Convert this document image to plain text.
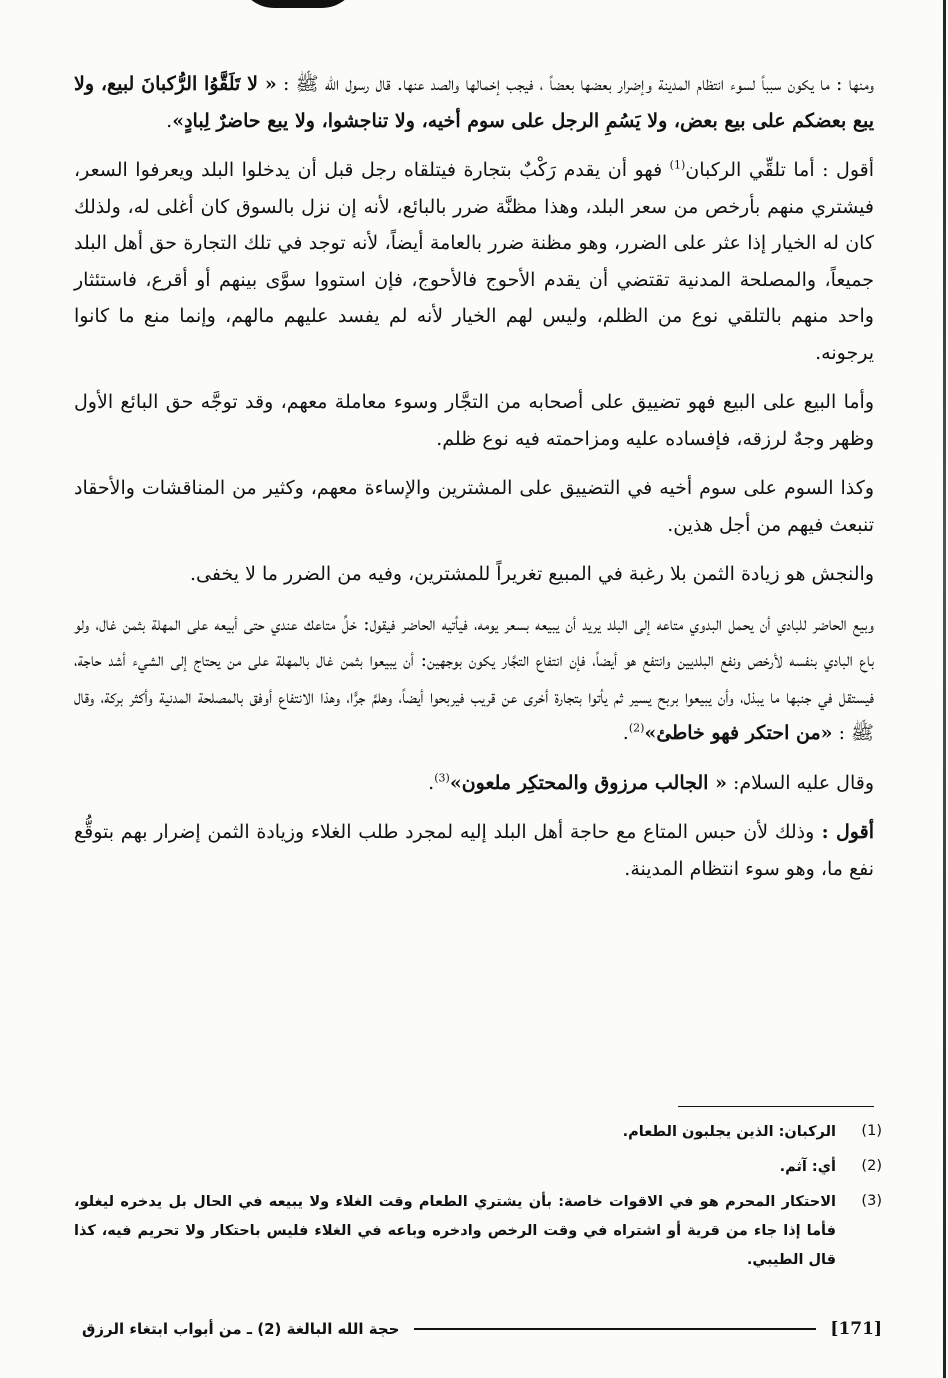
ومنها : ما يكون سبباً لسوء انتظام المدينة وإضرار بعضها بعضاً ، فيجب إخمالها والصد عنها. قال رسول الله ﷺ : « لا تَلَقَّوُا الرُّكبانَ لبيع، ولا يبع بعضكم على بيع بعض، ولا يَسُمِ الرجل على سوم أخيه، ولا تناجشوا، ولا يبع حاضرٌ لِبادٍ».

أقول : أما تلقِّي الركبان$^{(1)}$ فهو أن يقدم رَكْبٌ بتجارة فيتلقاه رجل قبل أن يدخلوا البلد ويعرفوا السعر، فيشتري منهم بأرخص من سعر البلد، وهذا مظنَّة ضرر بالبائع، لأنه إن نزل بالسوق كان أغلى له، ولذلك كان له الخيار إذا عثر على الضرر، وهو مظنة ضرر بالعامة أيضاً، لأنه توجد في تلك التجارة حق أهل البلد جميعاً، والمصلحة المدنية تقتضي أن يقدم الأحوج فالأحوج، فإن استووا سوَّى بينهم أو أقرع، فاستئثار واحد منهم بالتلقي نوع من الظلم، وليس لهم الخيار لأنه لم يفسد عليهم مالهم، وإنما منع ما كانوا يرجونه.

وأما البيع على البيع فهو تضييق على أصحابه من التجَّار وسوء معاملة معهم، وقد توجَّه حق البائع الأول وظهر وجهٌ لرزقه، فإفساده عليه ومزاحمته فيه نوع ظلم.

وكذا السوم على سوم أخيه في التضييق على المشترين والإساءة معهم، وكثير من المناقشات والأحقاد تنبعث فيهم من أجل هذين.

والنجش هو زيادة الثمن بلا رغبة في المبيع تغريراً للمشترين، وفيه من الضرر ما لا يخفى.

وبيع الحاضر للبادي أن يحمل البدوي متاعه إلى البلد يريد أن يبيعه بسعر يومه، فيأتيه الحاضر فيقول: خلِّ متاعك عندي حتى أبيعه على المهلة بثمن غال، ولو باع البادي بنفسه لأرخص ونفع البلديين وانتفع هو أيضاً، فإن انتفاع التجَّار يكون بوجهين: أن يبيعوا بثمن غال بالمهلة على من يحتاج إلى الشيء أشد حاجة، فيستقل في جنبها ما يبذل، وأن يبيعوا بربح يسير ثم يأتوا بتجارة أخرى عن قريب فيربحوا أيضاً، وهلمَّ جرًّا، وهذا الانتفاع أوفق بالمصلحة المدنية وأكثر بركة، وقال ﷺ : «من احتكر فهو خاطئ»$^{(2)}$.

وقال عليه السلام: « الجالب مرزوق والمحتكِر ملعون»$^{(3)}$.

أقول : وذلك لأن حبس المتاع مع حاجة أهل البلد إليه لمجرد طلب الغلاء وزيادة الثمن إضرار بهم بتوقُّع نفع ما، وهو سوء انتظام المدينة.

(1)
الركبان: الذين يجلبون الطعام.
(2)
أي: آثم.
(3)
الاحتكار المحرم هو في الاقوات خاصة: بأن يشتري الطعام وقت الغلاء ولا يبيعه في الحال بل يدخره ليغلو، فأما إذا جاء من قرية أو اشتراه في وقت الرخص وادخره وباعه في الغلاء فليس باحتكار ولا تحريم فيه، كذا قال الطيبي.
[171]
حجة الله البالغة (2) ـ من أبواب ابتغاء الرزق
